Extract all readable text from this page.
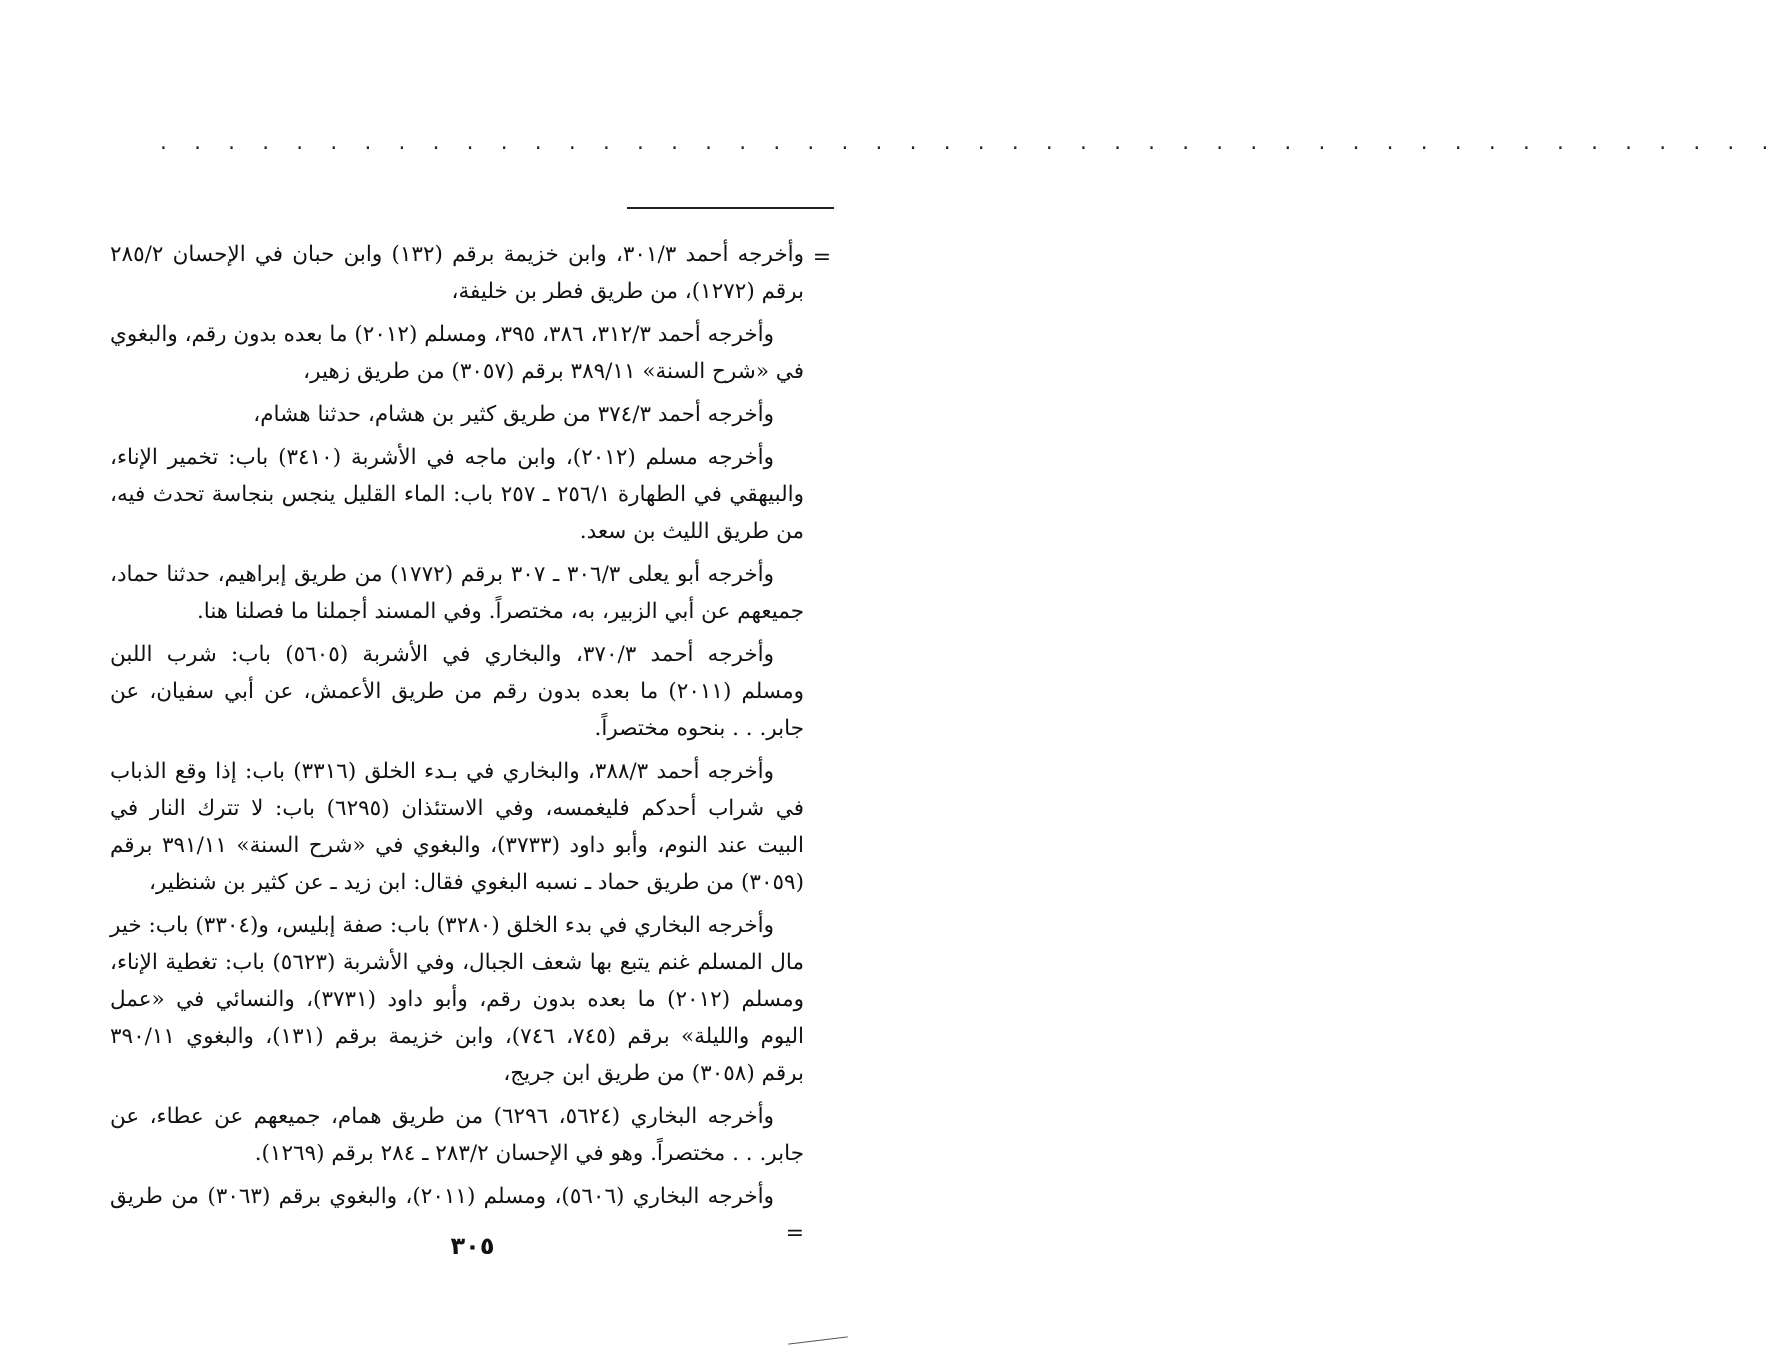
. . . . . . . . . . . . . . . . . . . . . . . . . . . . . . . . . . . . . . . . . . . . . . . .
=

وأخرجه أحمد ٣٠١/٣، وابن خزيمة برقم (١٣٢) وابن حبان في الإحسان ٢٨٥/٢ برقم (١٢٧٢)، من طريق فطر بن خليفة،

وأخرجه أحمد ٣١٢/٣، ٣٨٦، ٣٩٥، ومسلم (٢٠١٢) ما بعده بدون رقم، والبغوي في «شرح السنة» ٣٨٩/١١ برقم (٣٠٥٧) من طريق زهير،

وأخرجه أحمد ٣٧٤/٣ من طريق كثير بن هشام، حدثنا هشام،

وأخرجه مسلم (٢٠١٢)، وابن ماجه في الأشربة (٣٤١٠) باب: تخمير الإناء، والبيهقي في الطهارة ٢٥٦/١ ـ ٢٥٧ باب: الماء القليل ينجس بنجاسة تحدث فيه، من طريق الليث بن سعد.

وأخرجه أبو يعلى ٣٠٦/٣ ـ ٣٠٧ برقم (١٧٧٢) من طريق إبراهيم، حدثنا حماد، جميعهم عن أبي الزبير، به، مختصراً. وفي المسند أجملنا ما فصلنا هنا.

وأخرجه أحمد ٣٧٠/٣، والبخاري في الأشربة (٥٦٠٥) باب: شرب اللبن ومسلم (٢٠١١) ما بعده بدون رقم من طريق الأعمش، عن أبي سفيان، عن جابر. . . بنحوه مختصراً.

وأخرجه أحمد ٣٨٨/٣، والبخاري في بـدء الخلق (٣٣١٦) باب: إذا وقع الذباب في شراب أحدكم فليغمسه، وفي الاستئذان (٦٢٩٥) باب: لا تترك النار في البيت عند النوم، وأبو داود (٣٧٣٣)، والبغوي في «شرح السنة» ٣٩١/١١ برقم (٣٠٥٩) من طريق حماد ـ نسبه البغوي فقال: ابن زيد ـ عن كثير بن شنظير،

وأخرجه البخاري في بدء الخلق (٣٢٨٠) باب: صفة إبليس، و(٣٣٠٤) باب: خير مال المسلم غنم يتبع بها شعف الجبال، وفي الأشربة (٥٦٢٣) باب: تغطية الإناء، ومسلم (٢٠١٢) ما بعده بدون رقم، وأبو داود (٣٧٣١)، والنسائي في «عمل اليوم والليلة» برقم (٧٤٥، ٧٤٦)، وابن خزيمة برقم (١٣١)، والبغوي ٣٩٠/١١ برقم (٣٠٥٨) من طريق ابن جريج،

وأخرجه البخاري (٥٦٢٤، ٦٢٩٦) من طريق همام، جميعهم عن عطاء، عن جابر. . . مختصراً. وهو في الإحسان ٢٨٣/٢ ـ ٢٨٤ برقم (١٢٦٩).

وأخرجه البخاري (٥٦٠٦)، ومسلم (٢٠١١)، والبغوي برقم (٣٠٦٣) من طريق =

٣٠٥
